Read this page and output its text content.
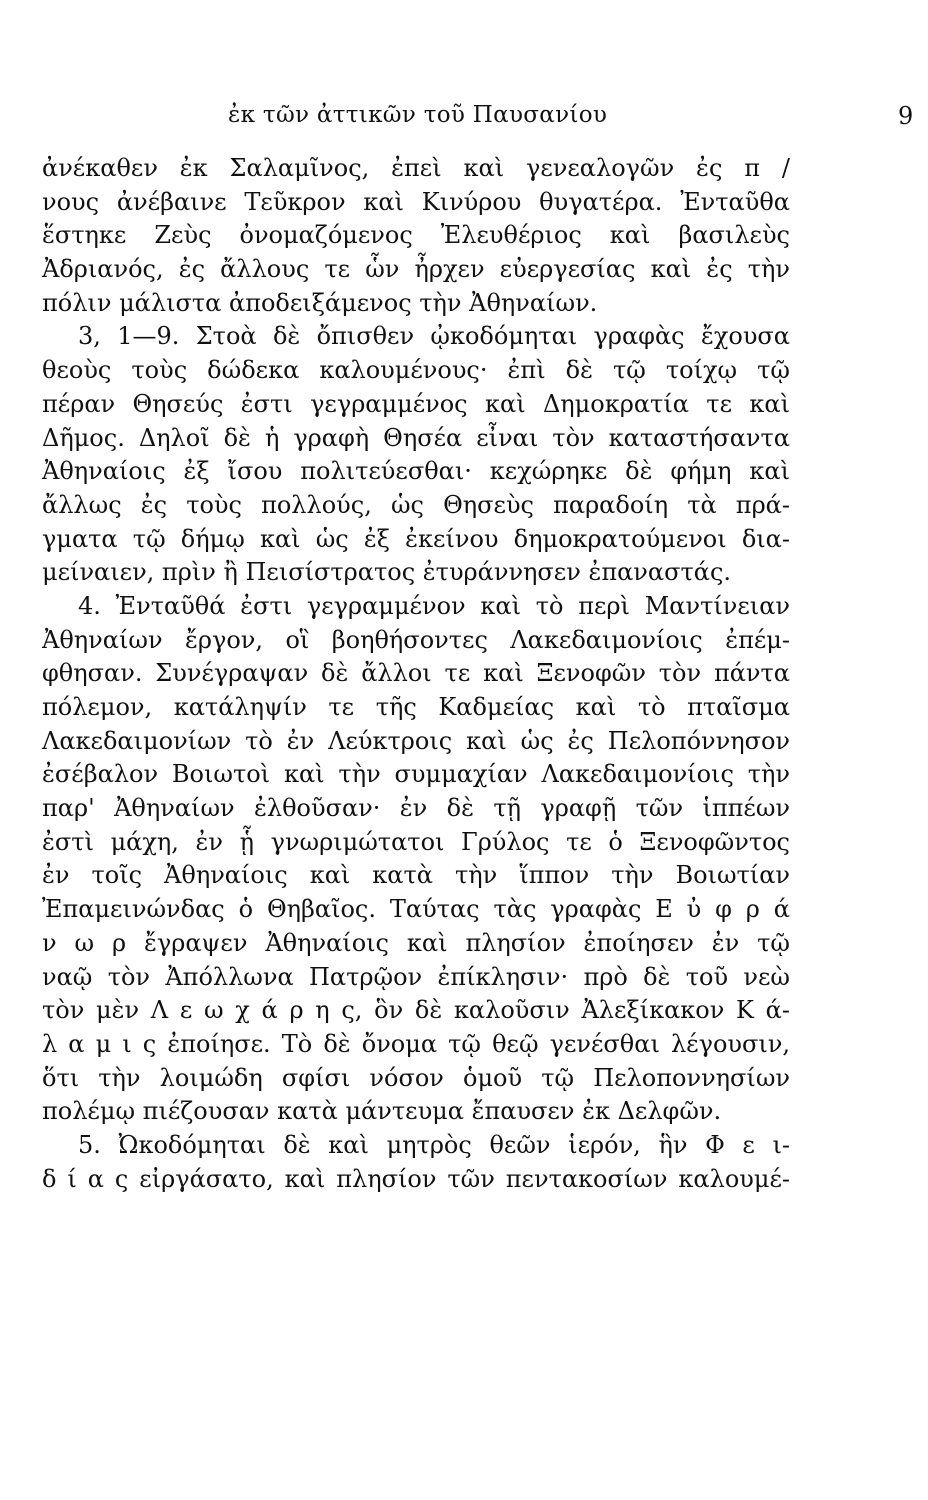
ἐκ τῶν ἀττικῶν τοῦ Παυσανίου	9
ἀνέκαθεν ἐκ Σαλαμῖνος, ἐπεὶ καὶ γενεαλογῶν ἐς π /
νους ἀνέβαινε Τεῦκρον καὶ Κινύρου θυγατέρα. Ἐνταῦθα
ἕστηκε Ζεὺς ὀνομαζόμενος Ἐλευθέριος καὶ βασιλεὺς
Ἀδριανός, ἐς ἄλλους τε ὧν ἦρχεν εὐεργεσίας καὶ ἐς τὴν
πόλιν μάλιστα ἀποδειξάμενος τὴν Ἀθηναίων.
3, 1—9. Στοὰ δὲ ὄπισθεν ᾠκοδόμηται γραφὰς ἔχουσα
θεοὺς τοὺς δώδεκα καλουμένους· ἐπὶ δὲ τῷ τοίχῳ τῷ
πέραν Θησεύς ἐστι γεγραμμένος καὶ Δημοκρατία τε καὶ
Δῆμος. Δηλοῖ δὲ ἡ γραφὴ Θησέα εἶναι τὸν καταστήσαντα
Ἀθηναίοις ἐξ ἴσου πολιτεύεσθαι· κεχώρηκε δὲ φήμη καὶ
ἄλλως ἐς τοὺς πολλούς, ὡς Θησεὺς παραδοίη τὰ πρά-
γματα τῷ δήμῳ καὶ ὡς ἐξ ἐκείνου δημοκρατούμενοι δια-
μείναιεν, πρὶν ἢ Πεισίστρατος ἐτυράννησεν ἐπαναστάς.
4. Ἐνταῦθά ἐστι γεγραμμένον καὶ τὸ περὶ Μαντίνειαν
Ἀθηναίων ἔργον, οἳ βοηθήσοντες Λακεδαιμονίοις ἐπέμ-
φθησαν. Συνέγραψαν δὲ ἄλλοι τε καὶ Ξενοφῶν τὸν πάντα
πόλεμον, κατάληψίν τε τῆς Καδμείας καὶ τὸ πταῖσμα
Λακεδαιμονίων τὸ ἐν Λεύκτροις καὶ ὡς ἐς Πελοπόννησον
ἐσέβαλον Βοιωτοὶ καὶ τὴν συμμαχίαν Λακεδαιμονίοις τὴν
παρ' Ἀθηναίων ἐλθοῦσαν· ἐν δὲ τῇ γραφῇ τῶν ἱππέων
ἐστὶ μάχη, ἐν ᾗ γνωριμώτατοι Γρύλος τε ὁ Ξενοφῶντος
ἐν τοῖς Ἀθηναίοις καὶ κατὰ τὴν ἵππον τὴν Βοιωτίαν
Ἐπαμεινώνδας ὁ Θηβαῖος. Ταύτας τὰς γραφὰς Ε ὐ φ ρ ά
ν ω ρ ἔγραψεν Ἀθηναίοις καὶ πλησίον ἐποίησεν ἐν τῷ
ναῷ τὸν Ἀπόλλωνα Πατρῷον ἐπίκλησιν· πρὸ δὲ τοῦ νεὼ
τὸν μὲν Λ ε ω χ ά ρ η ς, ὃν δὲ καλοῦσιν Ἀλεξίκακον Κ ά-
λ α μ ι ς ἐποίησε. Τὸ δὲ ὄνομα τῷ θεῷ γενέσθαι λέγουσιν,
ὅτι τὴν λοιμώδη σφίσι νόσον ὁμοῦ τῷ Πελοποννησίων
πολέμῳ πιέζουσαν κατὰ μάντευμα ἔπαυσεν ἐκ Δελφῶν.
5. Ὠκοδόμηται δὲ καὶ μητρὸς θεῶν ἱερόν, ἣν Φ ε ι-
δ ί α ς εἰργάσατο, καὶ πλησίον τῶν πεντακοσίων καλουμέ-
